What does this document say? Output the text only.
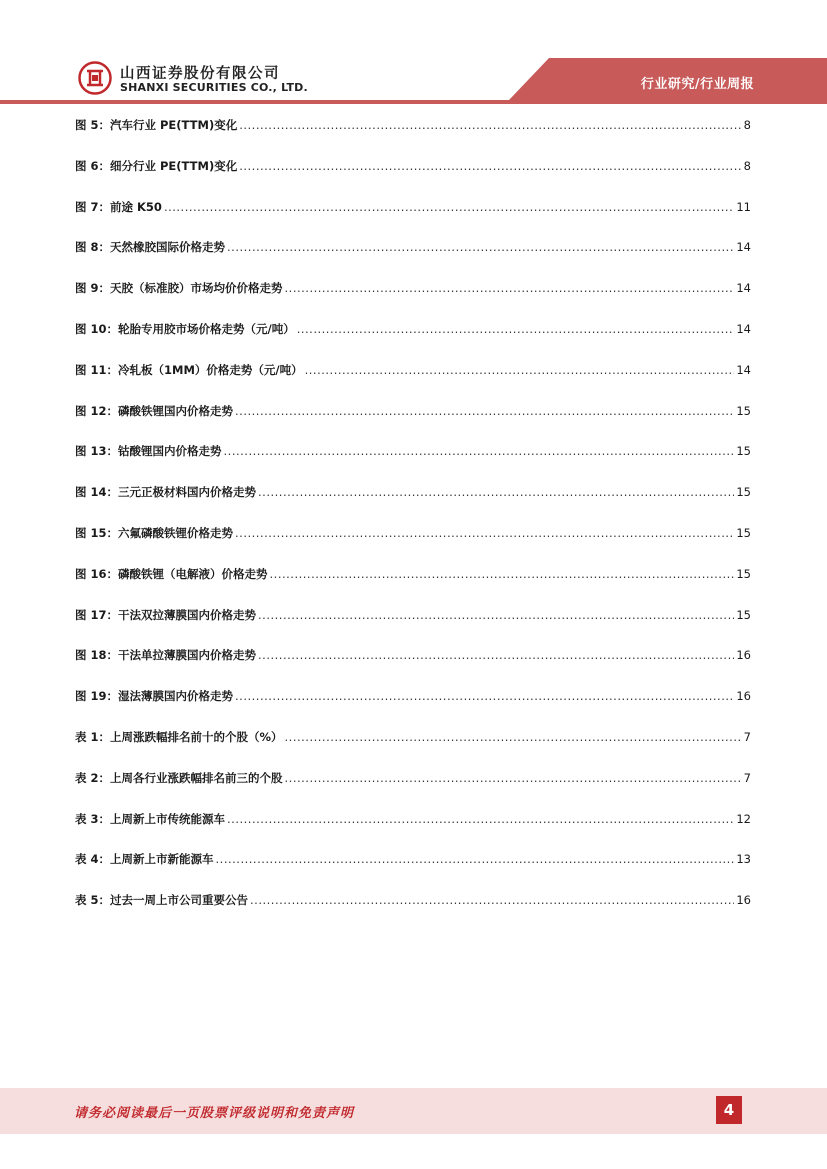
山西证券股份有限公司
SHANXI SECURITIES CO., LTD.	行业研究/行业周报
图 5：汽车行业 PE(TTM)变化 .....	8
图 6：细分行业 PE(TTM)变化 .....	8
图 7：前途 K50 .....	11
图 8：天然橡胶国际价格走势 .....	14
图 9：天胶（标准胶）市场均价价格走势 .....	14
图 10：轮胎专用胶市场价格走势（元/吨） .....	14
图 11：冷轧板（1MM）价格走势（元/吨） .....	14
图 12：磷酸铁锂国内价格走势 .....	15
图 13：钴酸锂国内价格走势 .....	15
图 14：三元正极材料国内价格走势 .....	15
图 15：六氟磷酸铁锂价格走势 .....	15
图 16：磷酸铁锂（电解液）价格走势 .....	15
图 17：干法双拉薄膜国内价格走势 .....	15
图 18：干法单拉薄膜国内价格走势 .....	16
图 19：湿法薄膜国内价格走势 .....	16
表 1：上周涨跌幅排名前十的个股（%） .....	7
表 2：上周各行业涨跌幅排名前三的个股 .....	7
表 3：上周新上市传统能源车 .....	12
表 4：上周新上市新能源车 .....	13
表 5：过去一周上市公司重要公告 .....	16
请务必阅读最后一页股票评级说明和免责声明	4
